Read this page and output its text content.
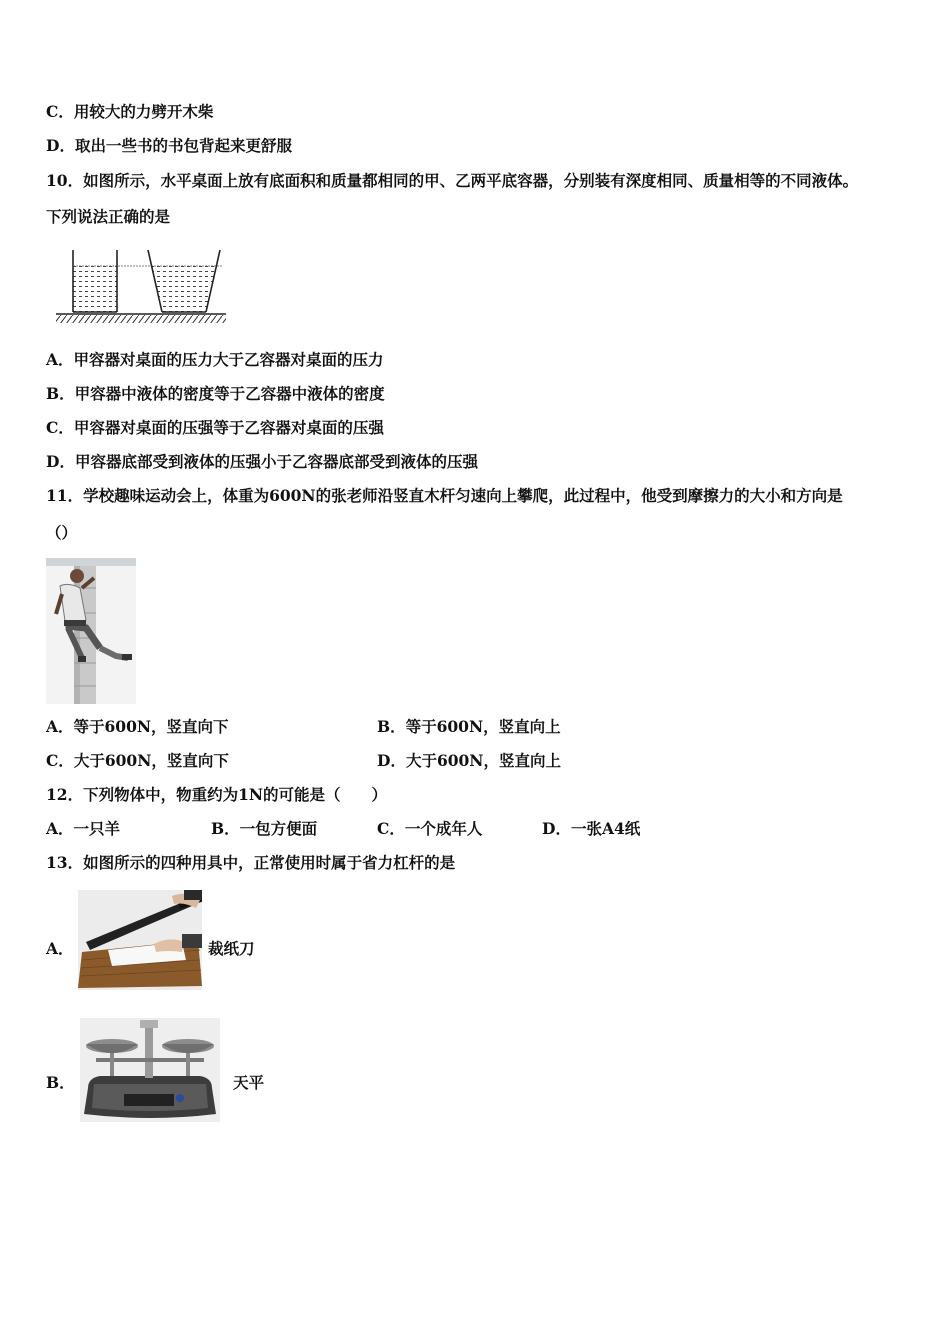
C．用较大的力劈开木柴
D．取出一些书的书包背起来更舒服
10．如图所示，水平桌面上放有底面积和质量都相同的甲、乙两平底容器，分别装有深度相同、质量相等的不同液体。
下列说法正确的是
A．甲容器对桌面的压力大于乙容器对桌面的压力
B．甲容器中液体的密度等于乙容器中液体的密度
C．甲容器对桌面的压强等于乙容器对桌面的压强
D．甲容器底部受到液体的压强小于乙容器底部受到液体的压强
11．学校趣味运动会上，体重为600N的张老师沿竖直木杆匀速向上攀爬，此过程中，他受到摩擦力的大小和方向是
（）
A．等于600N，竖直向下	B．等于600N，竖直向上
C．大于600N，竖直向下	D．大于600N，竖直向上
12．下列物体中，物重约为1N的可能是（　　）
A．一只羊	B．一包方便面	C．一个成年人	D．一张A4纸
13．如图所示的四种用具中，正常使用时属于省力杠杆的是
A．	裁纸刀
B．	天平
